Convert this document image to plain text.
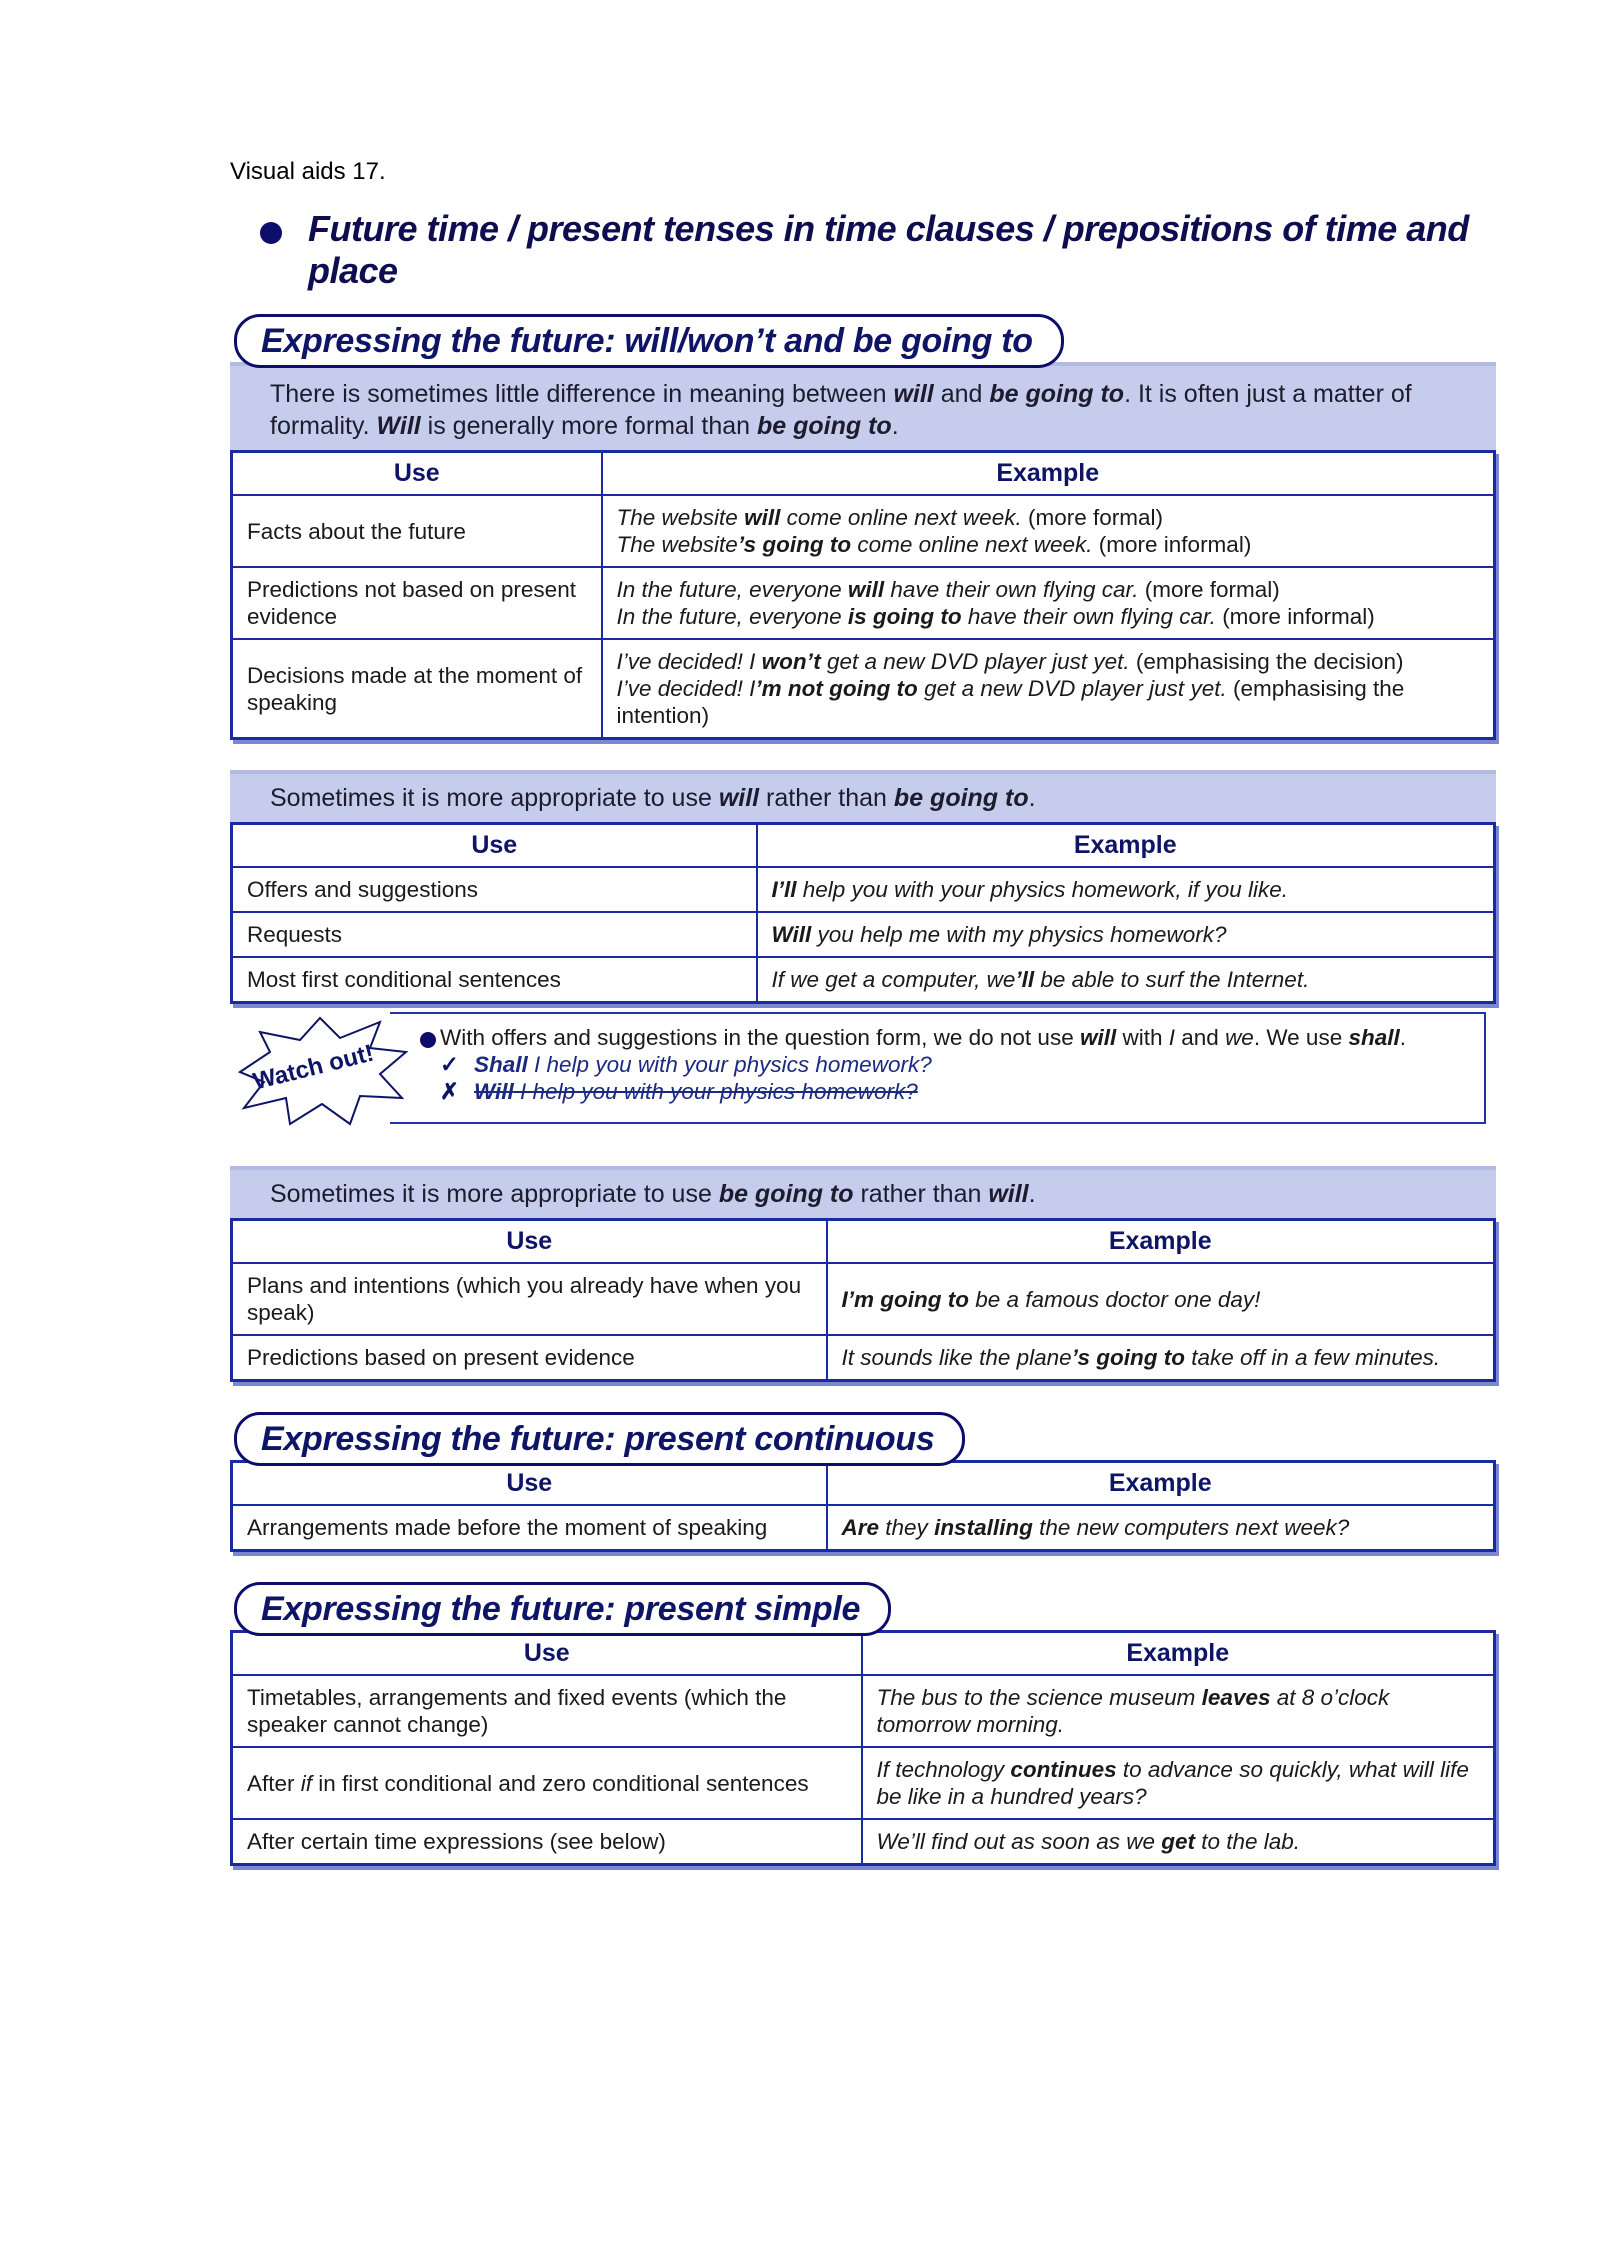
Visual aids 17.
Future time / present tenses in time clauses / prepositions of time and place
Expressing the future: will/won’t and be going to
There is sometimes little difference in meaning between will and be going to. It is often just a matter of formality. Will is generally more formal than be going to.
Use	Example
Facts about the future	The website will come online next week. (more formal)
The website’s going to come online next week. (more informal)

Predictions not based on present evidence	In the future, everyone will have their own flying car. (more formal)
In the future, everyone is going to have their own flying car. (more informal)

Decisions made at the moment of speaking	I’ve decided! I won’t get a new DVD player just yet. (emphasising the decision)
I’ve decided! I’m not going to get a new DVD player just yet. (emphasising the intention)
Sometimes it is more appropriate to use will rather than be going to.
Use	Example
Offers and suggestions	I’ll help you with your physics homework, if you like.
Requests	Will you help me with my physics homework?
Most first conditional sentences	If we get a computer, we’ll be able to surf the Internet.
Watch out!
With offers and suggestions in the question form, we do not use will with I and we. We use shall.
✓ Shall I help you with your physics homework?
✗ Will I help you with your physics homework?
Sometimes it is more appropriate to use be going to rather than will.
Use	Example
Plans and intentions (which you already have when you speak)	I’m going to be a famous doctor one day!
Predictions based on present evidence	It sounds like the plane’s going to take off in a few minutes.
Expressing the future: present continuous
Use	Example
Arrangements made before the moment of speaking	Are they installing the new computers next week?
Expressing the future: present simple
Use	Example
Timetables, arrangements and fixed events (which the speaker cannot change)	The bus to the science museum leaves at 8 o’clock tomorrow morning.
After if in first conditional and zero conditional sentences	If technology continues to advance so quickly, what will life be like in a hundred years?
After certain time expressions (see below)	We’ll find out as soon as we get to the lab.
